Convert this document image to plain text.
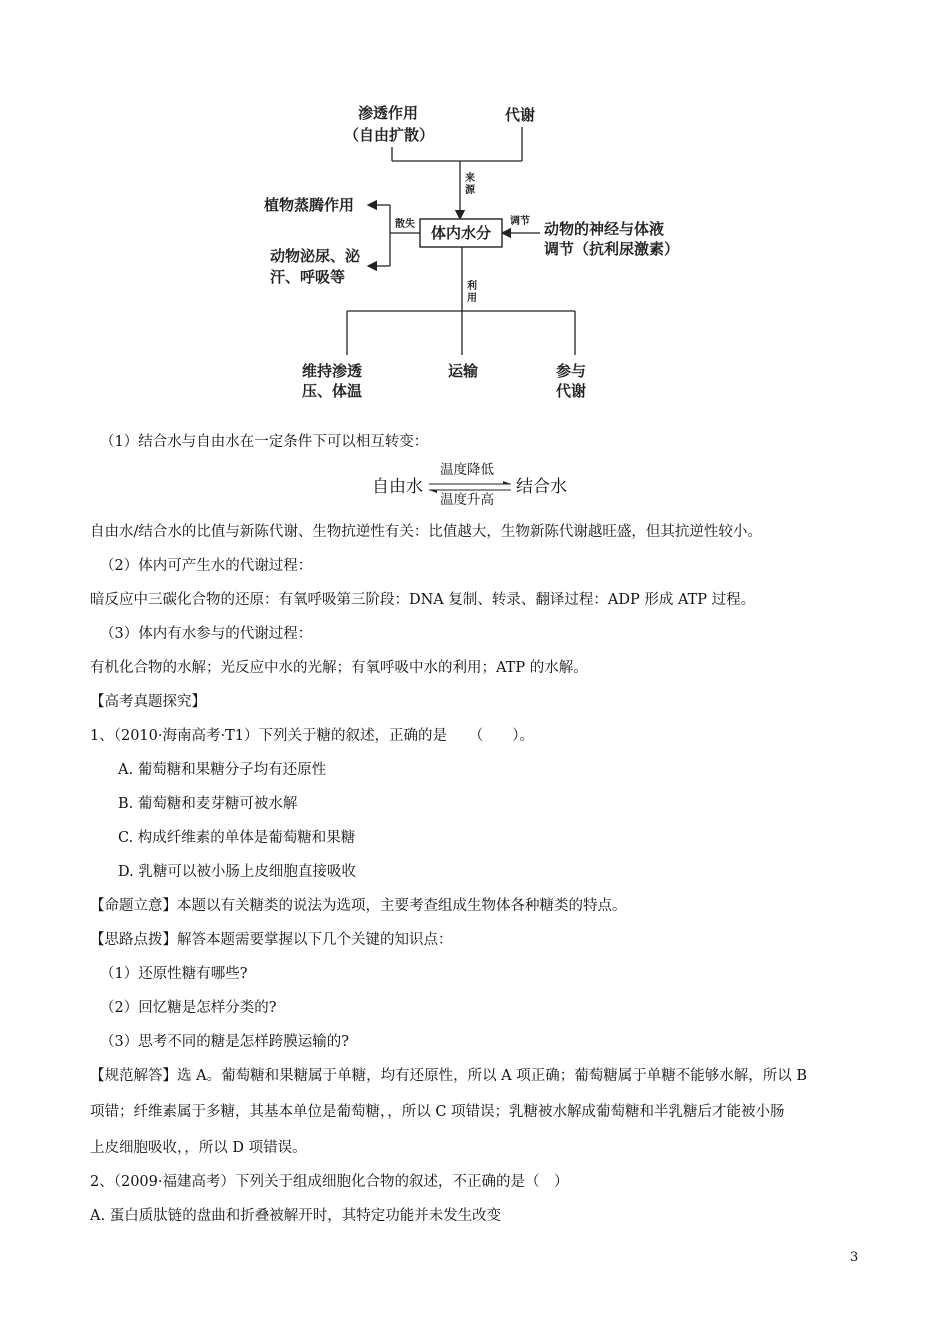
渗透作用
（自由扩散）
代谢
来源
体内水分
散失
植物蒸腾作用
动物泌尿、泌
汗、呼吸等
调节 动物的神经与体液
调节（抗利尿激素）
利用
维持渗透
压、体温
运输	参与
代谢
（1）结合水与自由水在一定条件下可以相互转变：
自由水
温度降低
温度升高
结合水
自由水/结合水的比值与新陈代谢、生物抗逆性有关：比值越大，生物新陈代谢越旺盛，但其抗逆性较小。
（2）体内可产生水的代谢过程：
暗反应中三碳化合物的还原：有氧呼吸第三阶段：DNA 复制、转录、翻译过程：ADP 形成 ATP 过程。
（3）体内有水参与的代谢过程：
有机化合物的水解；光反应中水的光解；有氧呼吸中水的利用；ATP 的水解。
【高考真题探究】
1、（2010·海南高考·T1）下列关于糖的叙述，正确的是　　（　　）。
A. 葡萄糖和果糖分子均有还原性
B. 葡萄糖和麦芽糖可被水解
C. 构成纤维素的单体是葡萄糖和果糖
D. 乳糖可以被小肠上皮细胞直接吸收
【命题立意】本题以有关糖类的说法为选项，主要考查组成生物体各种糖类的特点。
【思路点拨】解答本题需要掌握以下几个关键的知识点：
（1）还原性糖有哪些?
（2）回忆糖是怎样分类的?
（3）思考不同的糖是怎样跨膜运输的?
【规范解答】选 A。葡萄糖和果糖属于单糖，均有还原性，所以 A 项正确；葡萄糖属于单糖不能够水解，所以 B
项错；纤维素属于多糖，其基本单位是葡萄糖，，所以 C 项错误；乳糖被水解成葡萄糖和半乳糖后才能被小肠
上皮细胞吸收，，所以 D 项错误。
2、（2009·福建高考）下列关于组成细胞化合物的叙述，不正确的是（　）
A. 蛋白质肽链的盘曲和折叠被解开时，其特定功能并未发生改变
3
